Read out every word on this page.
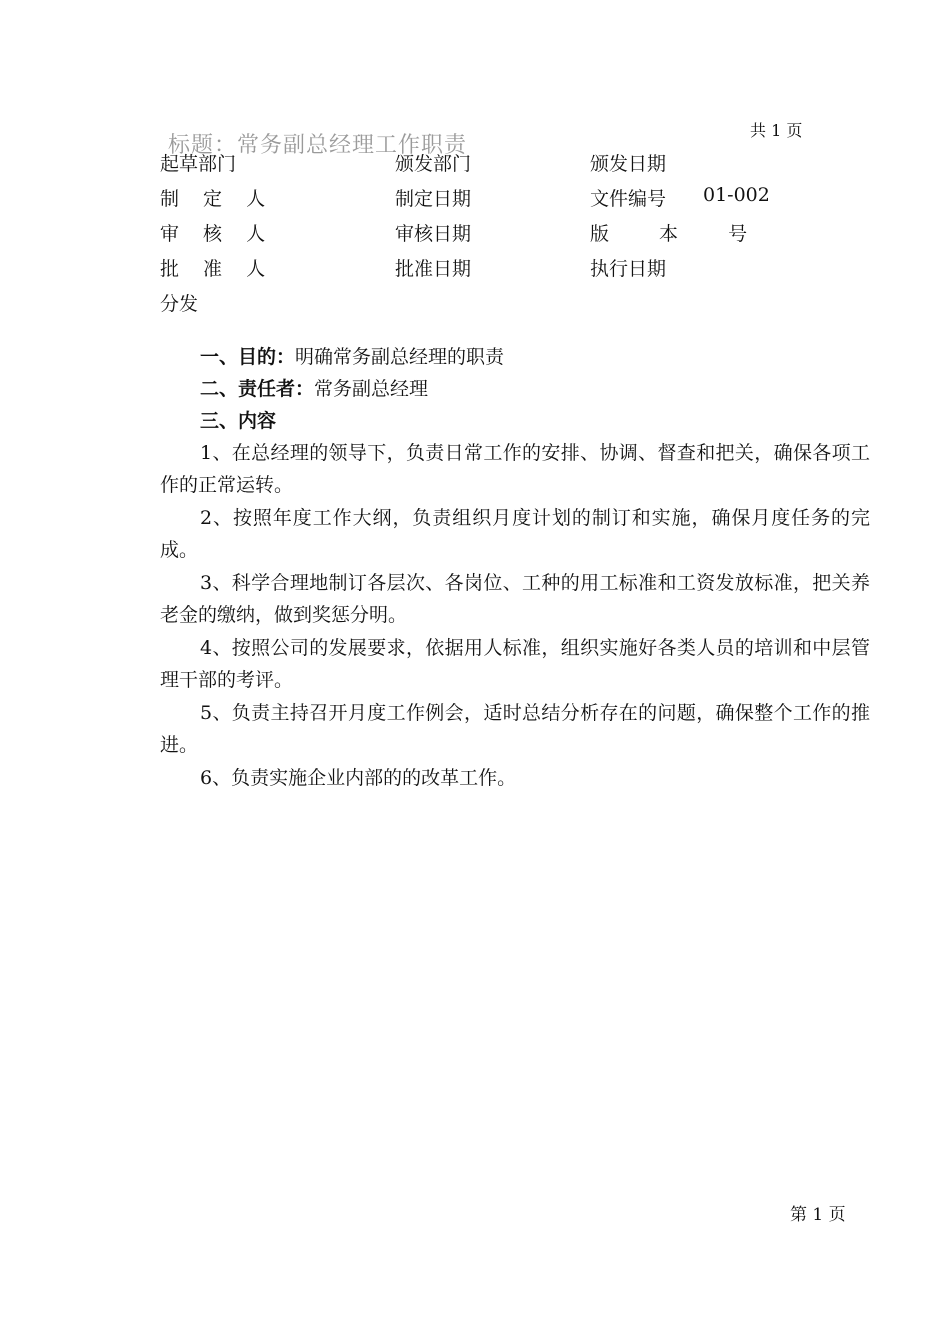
共 1 页
标题：常务副总经理工作职责
起草部门	颁发部门	颁发日期
制 定 人	制定日期	文件编号 01-002
审 核 人	审核日期	版 本 号
批 准 人	批准日期	执行日期
分发

一、目的：明确常务副总经理的职责

二、责任者：常务副总经理

三、内容

1、在总经理的领导下，负责日常工作的安排、协调、督查和把关，确保各项工作的正常运转。

2、按照年度工作大纲，负责组织月度计划的制订和实施，确保月度任务的完成。

3、科学合理地制订各层次、各岗位、工种的用工标准和工资发放标准，把关养老金的缴纳，做到奖惩分明。

4、按照公司的发展要求，依据用人标准，组织实施好各类人员的培训和中层管理干部的考评。

5、负责主持召开月度工作例会，适时总结分析存在的问题，确保整个工作的推进。

6、负责实施企业内部的的改革工作。

第 1 页
